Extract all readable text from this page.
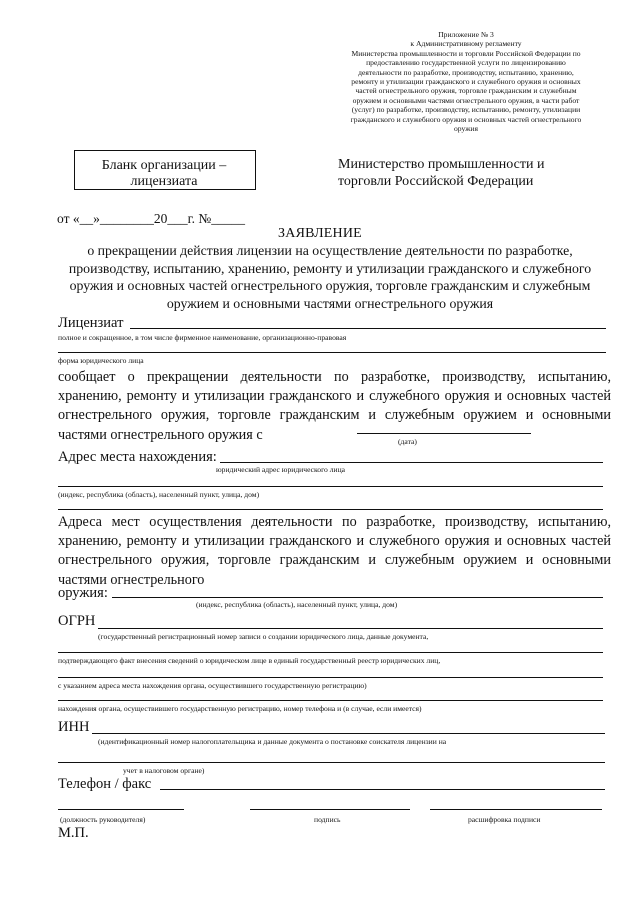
Приложение № 3
к Административному регламенту
Министерства промышленности и торговли Российской Федерации по
предоставлению государственной услуги по лицензированию
деятельности по разработке, производству, испытанию, хранению,
ремонту и утилизации гражданского и служебного оружия и основных
частей огнестрельного оружия, торговле гражданским и служебным
оружием и основными частями огнестрельного оружия, в части работ
(услуг) по разработке, производству, испытанию, ремонту, утилизации
гражданского и служебного оружия и основных частей огнестрельного
оружия
Бланк организации –
лицензиата
Министерство промышленности и
торговли Российской Федерации
от «__»________20___г. №_____
ЗАЯВЛЕНИЕ
о прекращении действия лицензии на осуществление деятельности по разработке, производству, испытанию, хранению, ремонту и утилизации гражданского и служебного оружия и основных частей огнестрельного оружия, торговле гражданским и служебным оружием и основными частями огнестрельного оружия
Лицензиат
полное и сокращенное, в том числе фирменное наименование, организационно-правовая
форма юридического лица
сообщает о прекращении деятельности по разработке, производству, испытанию, хранению, ремонту и утилизации гражданского и служебного оружия и основных частей огнестрельного оружия, торговле гражданским и служебным оружием и основными частями огнестрельного оружия с	(дата)
Адрес места нахождения:
юридический адрес юридического лица
(индекс, республика (область), населенный пункт, улица, дом)
Адреса мест осуществления деятельности по разработке, производству, испытанию, хранению, ремонту и утилизации гражданского и служебного оружия и основных частей огнестрельного оружия, торговле гражданским и служебным оружием и основными частями огнестрельного
оружия:
(индекс, республика (область), населенный пункт, улица, дом)
ОГРН
(государственный регистрационный номер записи о создании юридического лица, данные документа,
подтверждающего факт внесения сведений о юридическом лице в единый государственный реестр юридических лиц,
с указанием адреса места нахождения органа, осуществившего государственную регистрацию)
нахождения органа, осуществившего государственную регистрацию, номер телефона и (в случае, если имеется)
ИНН
(идентификационный номер налогоплательщика и данные документа о постановке соискателя лицензии на
учет в налоговом органе)
Телефон / факс
(должность руководителя)	подпись	расшифровка подписи
М.П.
